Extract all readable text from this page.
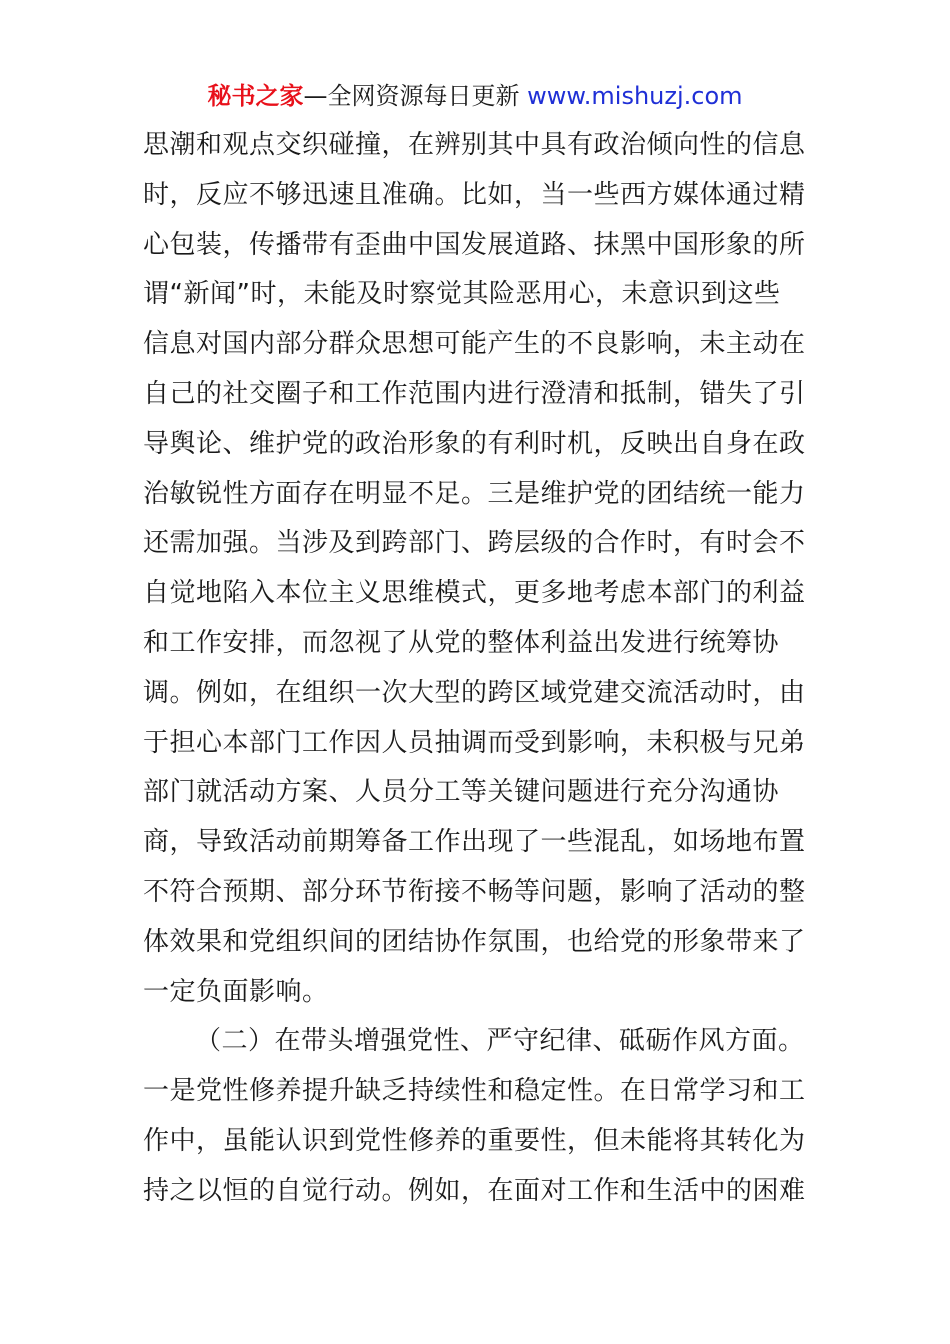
秘书之家—全网资源每日更新 www.mishuzj.com
思潮和观点交织碰撞，在辨别其中具有政治倾向性的信息
时，反应不够迅速且准确。比如，当一些西方媒体通过精
心包装，传播带有歪曲中国发展道路、抹黑中国形象的所
谓“新闻”时，未能及时察觉其险恶用心，未意识到这些
信息对国内部分群众思想可能产生的不良影响，未主动在
自己的社交圈子和工作范围内进行澄清和抵制，错失了引
导舆论、维护党的政治形象的有利时机，反映出自身在政
治敏锐性方面存在明显不足。三是维护党的团结统一能力
还需加强。当涉及到跨部门、跨层级的合作时，有时会不
自觉地陷入本位主义思维模式，更多地考虑本部门的利益
和工作安排，而忽视了从党的整体利益出发进行统筹协
调。例如，在组织一次大型的跨区域党建交流活动时，由
于担心本部门工作因人员抽调而受到影响，未积极与兄弟
部门就活动方案、人员分工等关键问题进行充分沟通协
商，导致活动前期筹备工作出现了一些混乱，如场地布置
不符合预期、部分环节衔接不畅等问题，影响了活动的整
体效果和党组织间的团结协作氛围，也给党的形象带来了
一定负面影响。
（二）在带头增强党性、严守纪律、砥砺作风方面。
一是党性修养提升缺乏持续性和稳定性。在日常学习和工
作中，虽能认识到党性修养的重要性，但未能将其转化为
持之以恒的自觉行动。例如，在面对工作和生活中的困难
